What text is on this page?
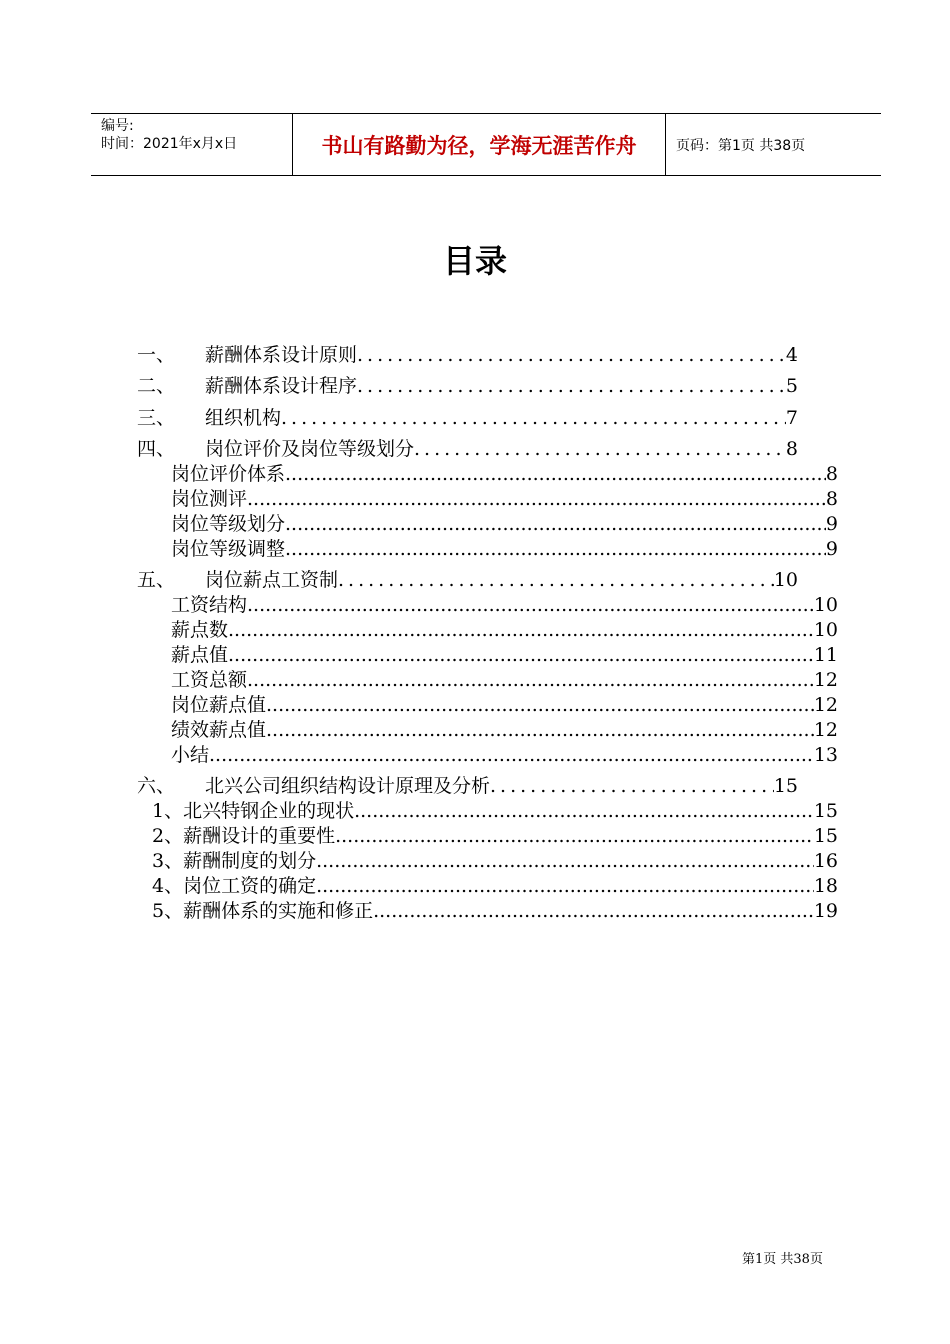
编号:
时间：2021年x月x日	书山有路勤为径，学海无涯苦作舟	页码：第1页 共38页
目录
一、	薪酬体系设计原则 .....	4
二、	薪酬体系设计程序 .....	5
三、	组织机构 .....	7
四、	岗位评价及岗位等级划分 .....	8
岗位评价体系 .....	8
岗位测评 .....	8
岗位等级划分 .....	9
岗位等级调整 .....	9
五、	岗位薪点工资制 .....	10
工资结构 .....	10
薪点数 .....	10
薪点值 .....	11
工资总额 .....	12
岗位薪点值 .....	12
绩效薪点值 .....	12
小结 .....	13
六、	北兴公司组织结构设计原理及分析 .....	15
1、北兴特钢企业的现状 .....	15
2、薪酬设计的重要性 .....	15
3、薪酬制度的划分 .....	16
4、岗位工资的确定 .....	18
5、薪酬体系的实施和修正 .....	19
第1页 共38页
